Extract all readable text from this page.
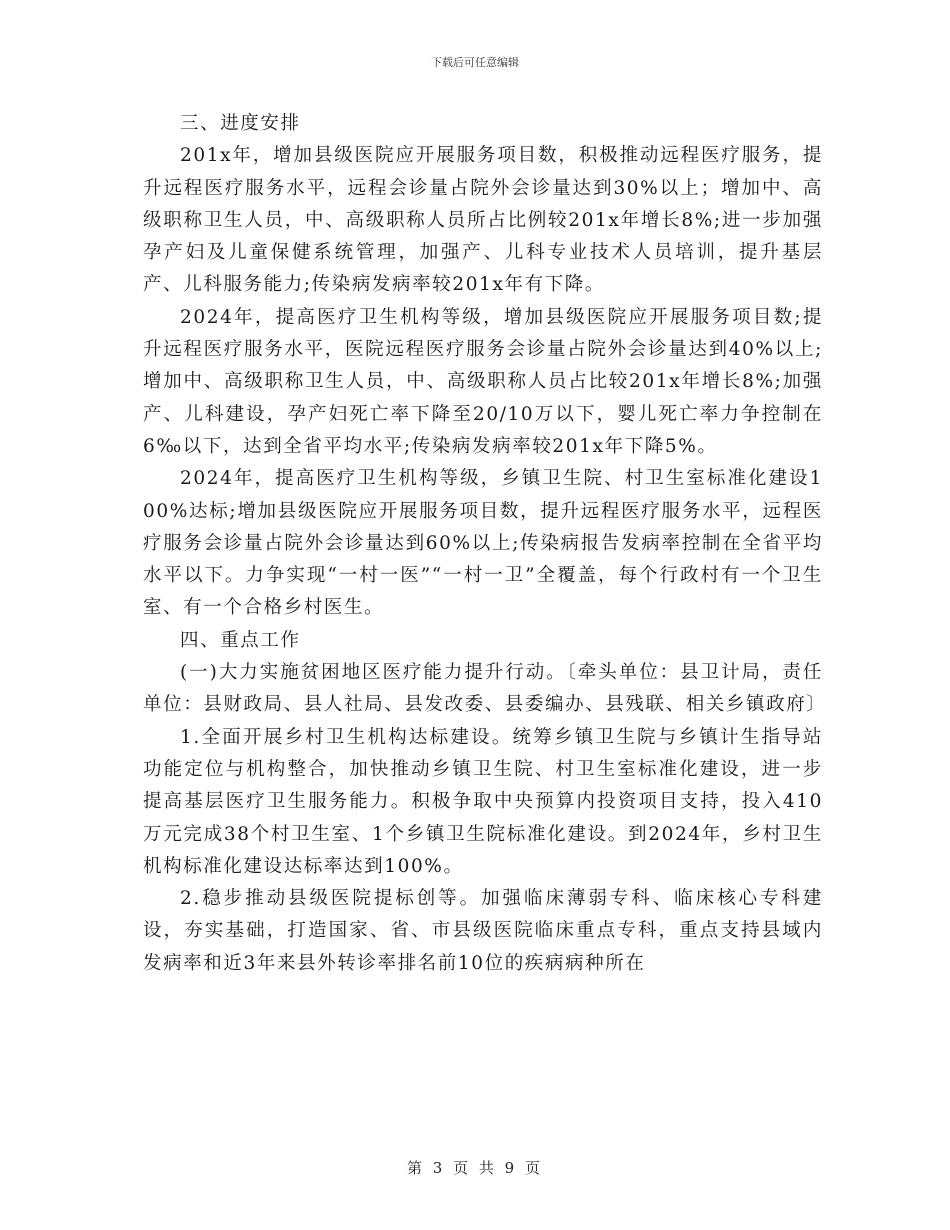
下载后可任意编辑

三、进度安排

201x年，增加县级医院应开展服务项目数，积极推动远程医疗服务，提升远程医疗服务水平，远程会诊量占院外会诊量达到30%以上；增加中、高级职称卫生人员，中、高级职称人员所占比例较201x年增长8%;进一步加强孕产妇及儿童保健系统管理，加强产、儿科专业技术人员培训，提升基层产、儿科服务能力;传染病发病率较201x年有下降。

2024年，提高医疗卫生机构等级，增加县级医院应开展服务项目数;提升远程医疗服务水平，医院远程医疗服务会诊量占院外会诊量达到40%以上;增加中、高级职称卫生人员，中、高级职称人员占比较201x年增长8%;加强产、儿科建设，孕产妇死亡率下降至20/10万以下，婴儿死亡率力争控制在6‰以下，达到全省平均水平;传染病发病率较201x年下降5%。

2024年，提高医疗卫生机构等级，乡镇卫生院、村卫生室标准化建设100%达标;增加县级医院应开展服务项目数，提升远程医疗服务水平，远程医疗服务会诊量占院外会诊量达到60%以上;传染病报告发病率控制在全省平均水平以下。力争实现“一村一医”“一村一卫”全覆盖，每个行政村有一个卫生室、有一个合格乡村医生。

四、重点工作

(一)大力实施贫困地区医疗能力提升行动。〔牵头单位：县卫计局，责任单位：县财政局、县人社局、县发改委、县委编办、县残联、相关乡镇政府〕

1.全面开展乡村卫生机构达标建设。统筹乡镇卫生院与乡镇计生指导站功能定位与机构整合，加快推动乡镇卫生院、村卫生室标准化建设，进一步提高基层医疗卫生服务能力。积极争取中央预算内投资项目支持，投入410万元完成38个村卫生室、1个乡镇卫生院标准化建设。到2024年，乡村卫生机构标准化建设达标率达到100%。

2.稳步推动县级医院提标创等。加强临床薄弱专科、临床核心专科建设，夯实基础，打造国家、省、市县级医院临床重点专科，重点支持县域内发病率和近3年来县外转诊率排名前10位的疾病病种所在

第 3 页 共 9 页
